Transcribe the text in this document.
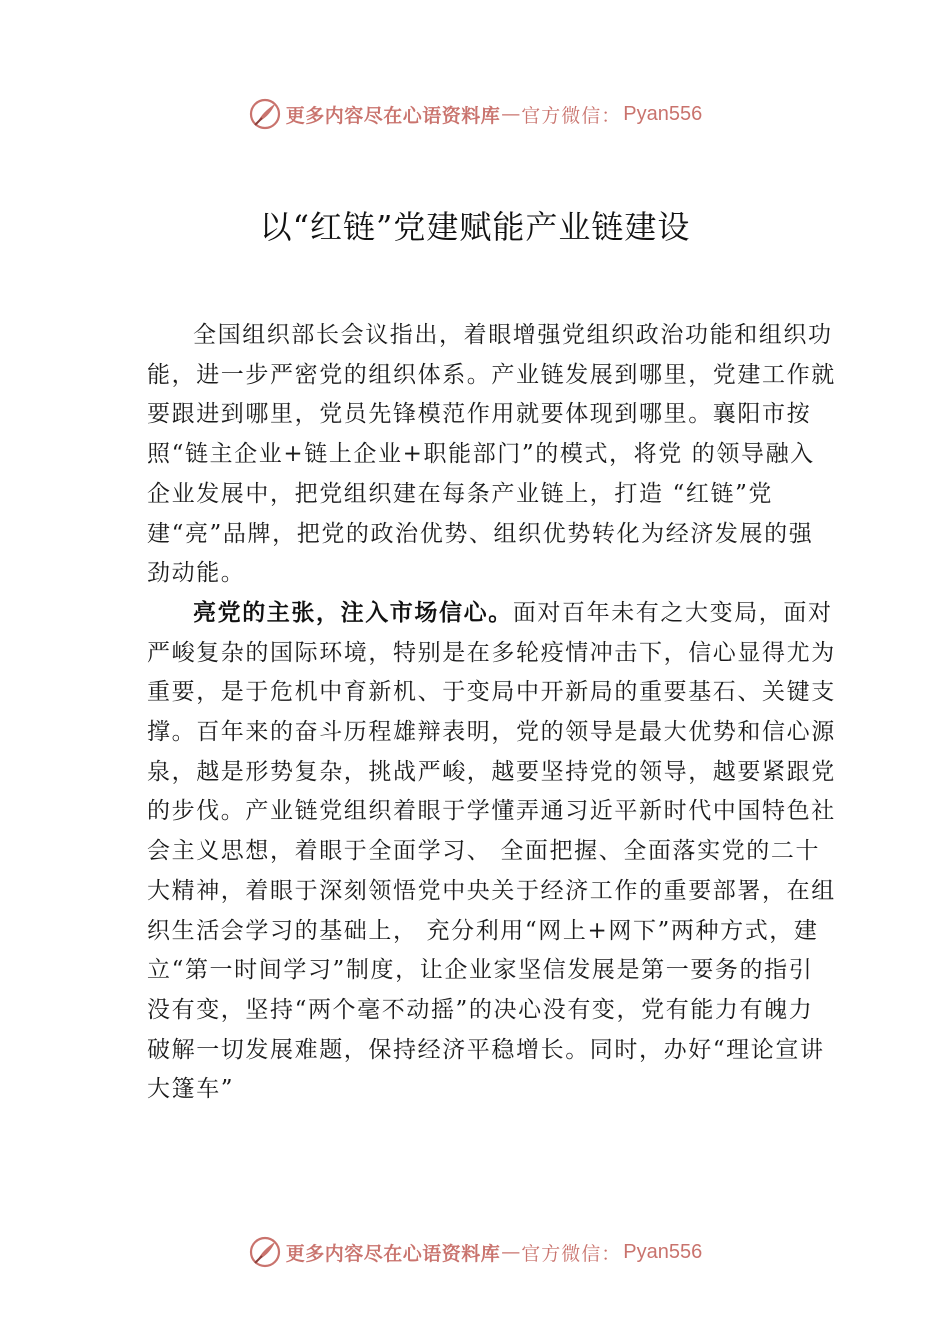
更多内容尽在心语资料库 — 官方微信： Pyan556
以“红链”党建赋能产业链建设

全国组织部长会议指出，着眼增强党组织政治功能和组织功能，进一步严密党的组织体系。产业链发展到哪里，党建工作就要跟进到哪里，党员先锋模范作用就要体现到哪里。襄阳市按照“链主企业+链上企业+职能部门”的模式，将党 的领导融入企业发展中，把党组织建在每条产业链上，打造 “红链”党建“亮”品牌，把党的政治优势、组织优势转化为经济发展的强劲动能。

亮党的主张，注入市场信心。面对百年未有之大变局，面对严峻复杂的国际环境，特别是在多轮疫情冲击下，信心显得尤为重要，是于危机中育新机、于变局中开新局的重要基石、关键支撑。百年来的奋斗历程雄辩表明，党的领导是最大优势和信心源泉，越是形势复杂，挑战严峻，越要坚持党的领导，越要紧跟党的步伐。产业链党组织着眼于学懂弄通习近平新时代中国特色社会主义思想，着眼于全面学习、 全面把握、全面落实党的二十大精神，着眼于深刻领悟党中央关于经济工作的重要部署，在组织生活会学习的基础上， 充分利用“网上+网下”两种方式，建立“第一时间学习”制度，让企业家坚信发展是第一要务的指引没有变，坚持“两个毫不动摇”的决心没有变，党有能力有魄力破解一切发展难题，保持经济平稳增长。同时，办好“理论宣讲大篷车”

更多内容尽在心语资料库 — 官方微信： Pyan556
